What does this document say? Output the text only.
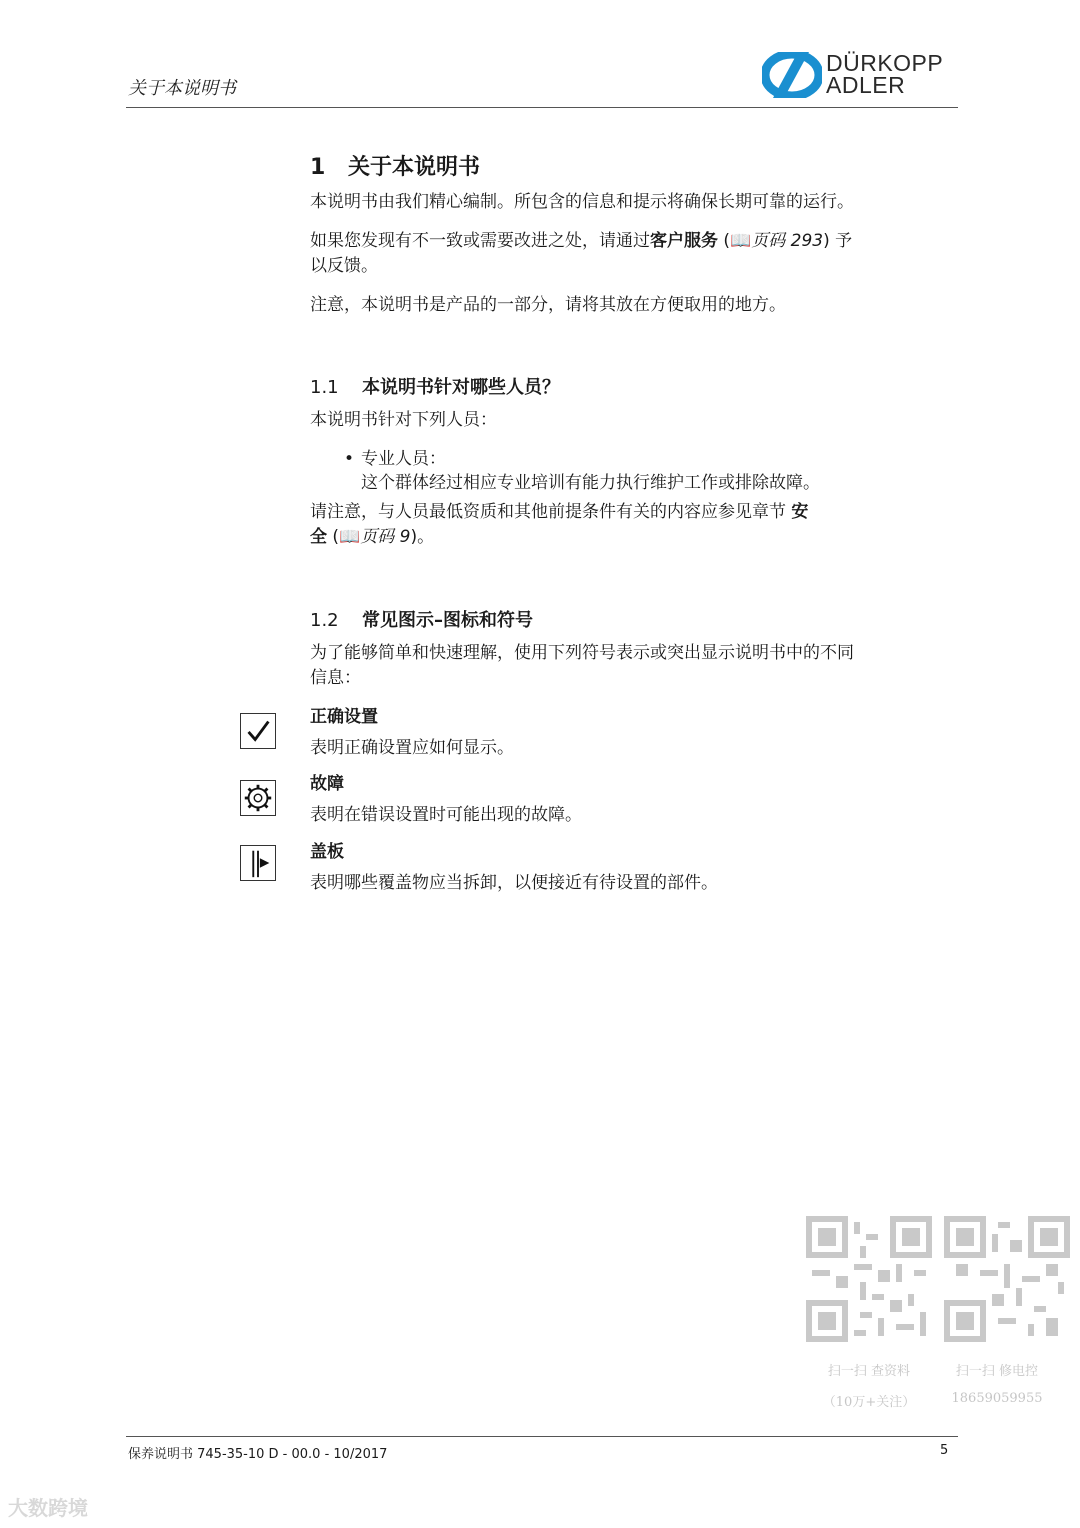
关于本说明书
DÜRKOPP
ADLER
1 关于本说明书
本说明书由我们精心编制。所包含的信息和提示将确保长期可靠的运行。
如果您发现有不一致或需要改进之处，请通过客户服务 (📖页码 293) 予
以反馈。
注意，本说明书是产品的一部分，请将其放在方便取用的地方。
1.1 本说明书针对哪些人员？
本说明书针对下列人员：
• 专业人员：
这个群体经过相应专业培训有能力执行维护工作或排除故障。
请注意，与人员最低资质和其他前提条件有关的内容应参见章节 安
全 (📖页码 9)。
1.2 常见图示–图标和符号
为了能够简单和快速理解，使用下列符号表示或突出显示说明书中的不同
信息：
正确设置
表明正确设置应如何显示。
故障
表明在错误设置时可能出现的故障。
盖板
表明哪些覆盖物应当拆卸，以便接近有待设置的部件。
扫一扫 查资料
（10万+关注）
扫一扫 修电控
18659059955
保养说明书 745-35-10 D - 00.0 - 10/2017	5
大数跨境
